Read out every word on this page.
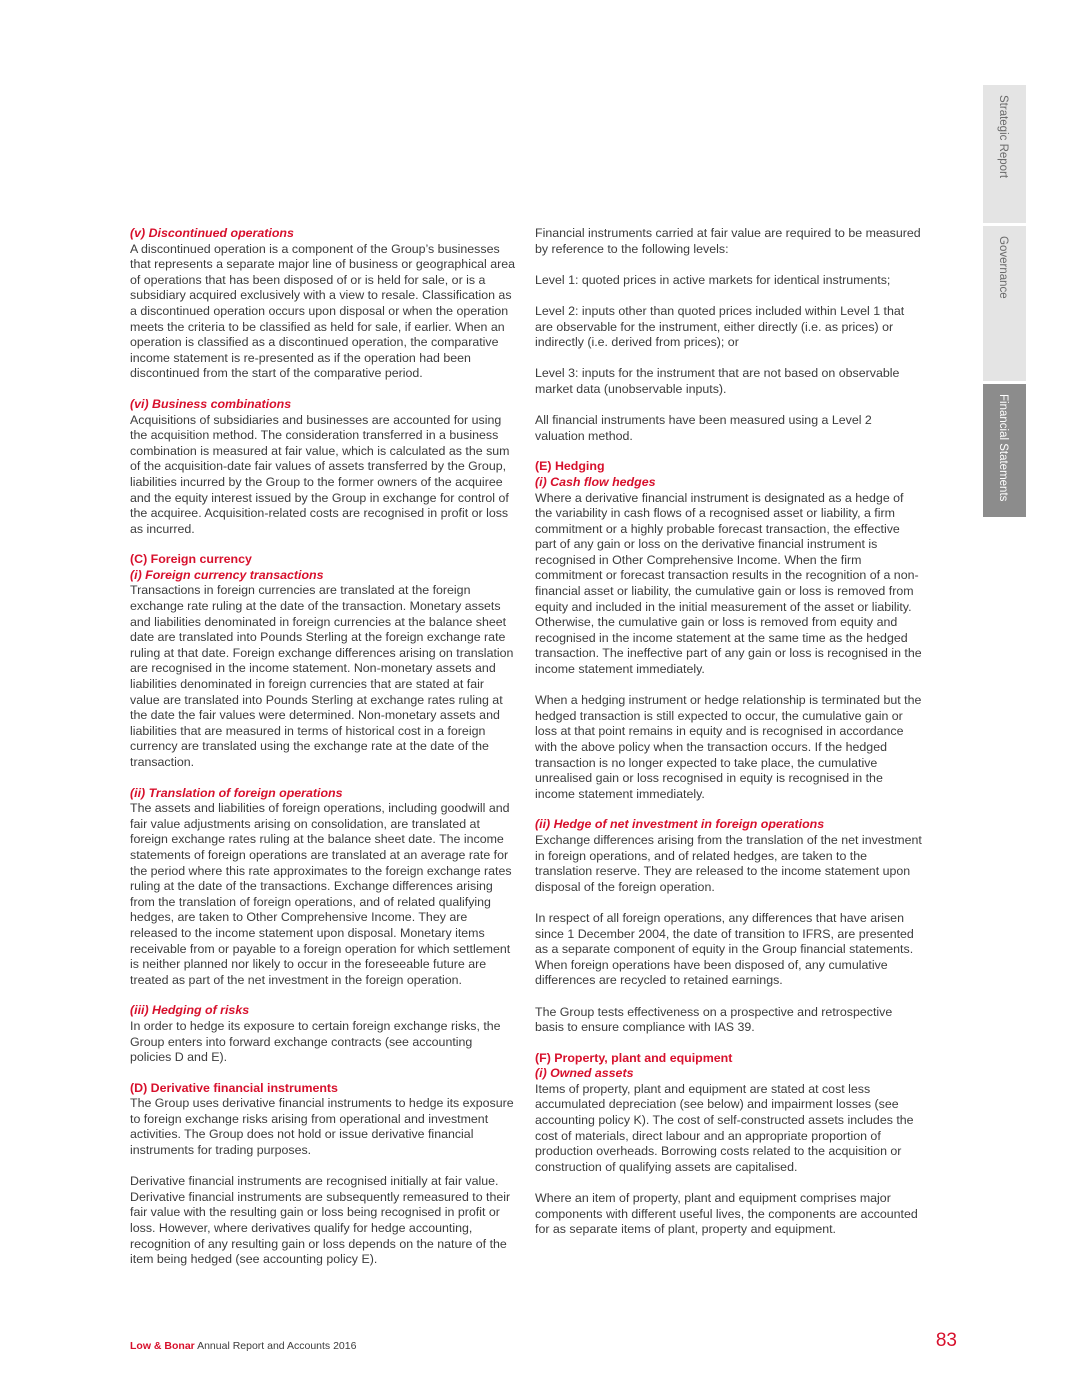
Strategic Report
Governance
Financial Statements
(v) Discontinued operations

A discontinued operation is a component of the Group’s businesses that represents a separate major line of business or geographical area of operations that has been disposed of or is held for sale, or is a subsidiary acquired exclusively with a view to resale. Classification as a discontinued operation occurs upon disposal or when the operation meets the criteria to be classified as held for sale, if earlier. When an operation is classified as a discontinued operation, the comparative income statement is re-presented as if the operation had been discontinued from the start of the comparative period.

(vi) Business combinations

Acquisitions of subsidiaries and businesses are accounted for using the acquisition method. The consideration transferred in a business combination is measured at fair value, which is calculated as the sum of the acquisition-date fair values of assets transferred by the Group, liabilities incurred by the Group to the former owners of the acquiree and the equity interest issued by the Group in exchange for control of the acquiree. Acquisition-related costs are recognised in profit or loss as incurred.

(C) Foreign currency
(i) Foreign currency transactions

Transactions in foreign currencies are translated at the foreign exchange rate ruling at the date of the transaction. Monetary assets and liabilities denominated in foreign currencies at the balance sheet date are translated into Pounds Sterling at the foreign exchange rate ruling at that date. Foreign exchange differences arising on translation are recognised in the income statement. Non-monetary assets and liabilities denominated in foreign currencies that are stated at fair value are translated into Pounds Sterling at exchange rates ruling at the date the fair values were determined. Non-monetary assets and liabilities that are measured in terms of historical cost in a foreign currency are translated using the exchange rate at the date of the transaction.

(ii) Translation of foreign operations

The assets and liabilities of foreign operations, including goodwill and fair value adjustments arising on consolidation, are translated at foreign exchange rates ruling at the balance sheet date. The income statements of foreign operations are translated at an average rate for the period where this rate approximates to the foreign exchange rates ruling at the date of the transactions. Exchange differences arising from the translation of foreign operations, and of related qualifying hedges, are taken to Other Comprehensive Income. They are released to the income statement upon disposal. Monetary items receivable from or payable to a foreign operation for which settlement is neither planned nor likely to occur in the foreseeable future are treated as part of the net investment in the foreign operation.

(iii) Hedging of risks

In order to hedge its exposure to certain foreign exchange risks, the Group enters into forward exchange contracts (see accounting policies D and E).

(D) Derivative financial instruments

The Group uses derivative financial instruments to hedge its exposure to foreign exchange risks arising from operational and investment activities. The Group does not hold or issue derivative financial instruments for trading purposes.

Derivative financial instruments are recognised initially at fair value. Derivative financial instruments are subsequently remeasured to their fair value with the resulting gain or loss being recognised in profit or loss. However, where derivatives qualify for hedge accounting, recognition of any resulting gain or loss depends on the nature of the item being hedged (see accounting policy E).

Financial instruments carried at fair value are required to be measured by reference to the following levels:

Level 1: quoted prices in active markets for identical instruments;

Level 2: inputs other than quoted prices included within Level 1 that are observable for the instrument, either directly (i.e. as prices) or indirectly (i.e. derived from prices); or

Level 3: inputs for the instrument that are not based on observable market data (unobservable inputs).

All financial instruments have been measured using a Level 2 valuation method.

(E) Hedging
(i) Cash flow hedges

Where a derivative financial instrument is designated as a hedge of the variability in cash flows of a recognised asset or liability, a firm commitment or a highly probable forecast transaction, the effective part of any gain or loss on the derivative financial instrument is recognised in Other Comprehensive Income. When the firm commitment or forecast transaction results in the recognition of a non-financial asset or liability, the cumulative gain or loss is removed from equity and included in the initial measurement of the asset or liability. Otherwise, the cumulative gain or loss is removed from equity and recognised in the income statement at the same time as the hedged transaction. The ineffective part of any gain or loss is recognised in the income statement immediately.

When a hedging instrument or hedge relationship is terminated but the hedged transaction is still expected to occur, the cumulative gain or loss at that point remains in equity and is recognised in accordance with the above policy when the transaction occurs. If the hedged transaction is no longer expected to take place, the cumulative unrealised gain or loss recognised in equity is recognised in the income statement immediately.

(ii) Hedge of net investment in foreign operations

Exchange differences arising from the translation of the net investment in foreign operations, and of related hedges, are taken to the translation reserve. They are released to the income statement upon disposal of the foreign operation.

In respect of all foreign operations, any differences that have arisen since 1 December 2004, the date of transition to IFRS, are presented as a separate component of equity in the Group financial statements. When foreign operations have been disposed of, any cumulative differences are recycled to retained earnings.

The Group tests effectiveness on a prospective and retrospective basis to ensure compliance with IAS 39.

(F) Property, plant and equipment
(i) Owned assets

Items of property, plant and equipment are stated at cost less accumulated depreciation (see below) and impairment losses (see accounting policy K). The cost of self-constructed assets includes the cost of materials, direct labour and an appropriate proportion of production overheads. Borrowing costs related to the acquisition or construction of qualifying assets are capitalised.

Where an item of property, plant and equipment comprises major components with different useful lives, the components are accounted for as separate items of plant, property and equipment.

Low & Bonar Annual Report and Accounts 2016	83
